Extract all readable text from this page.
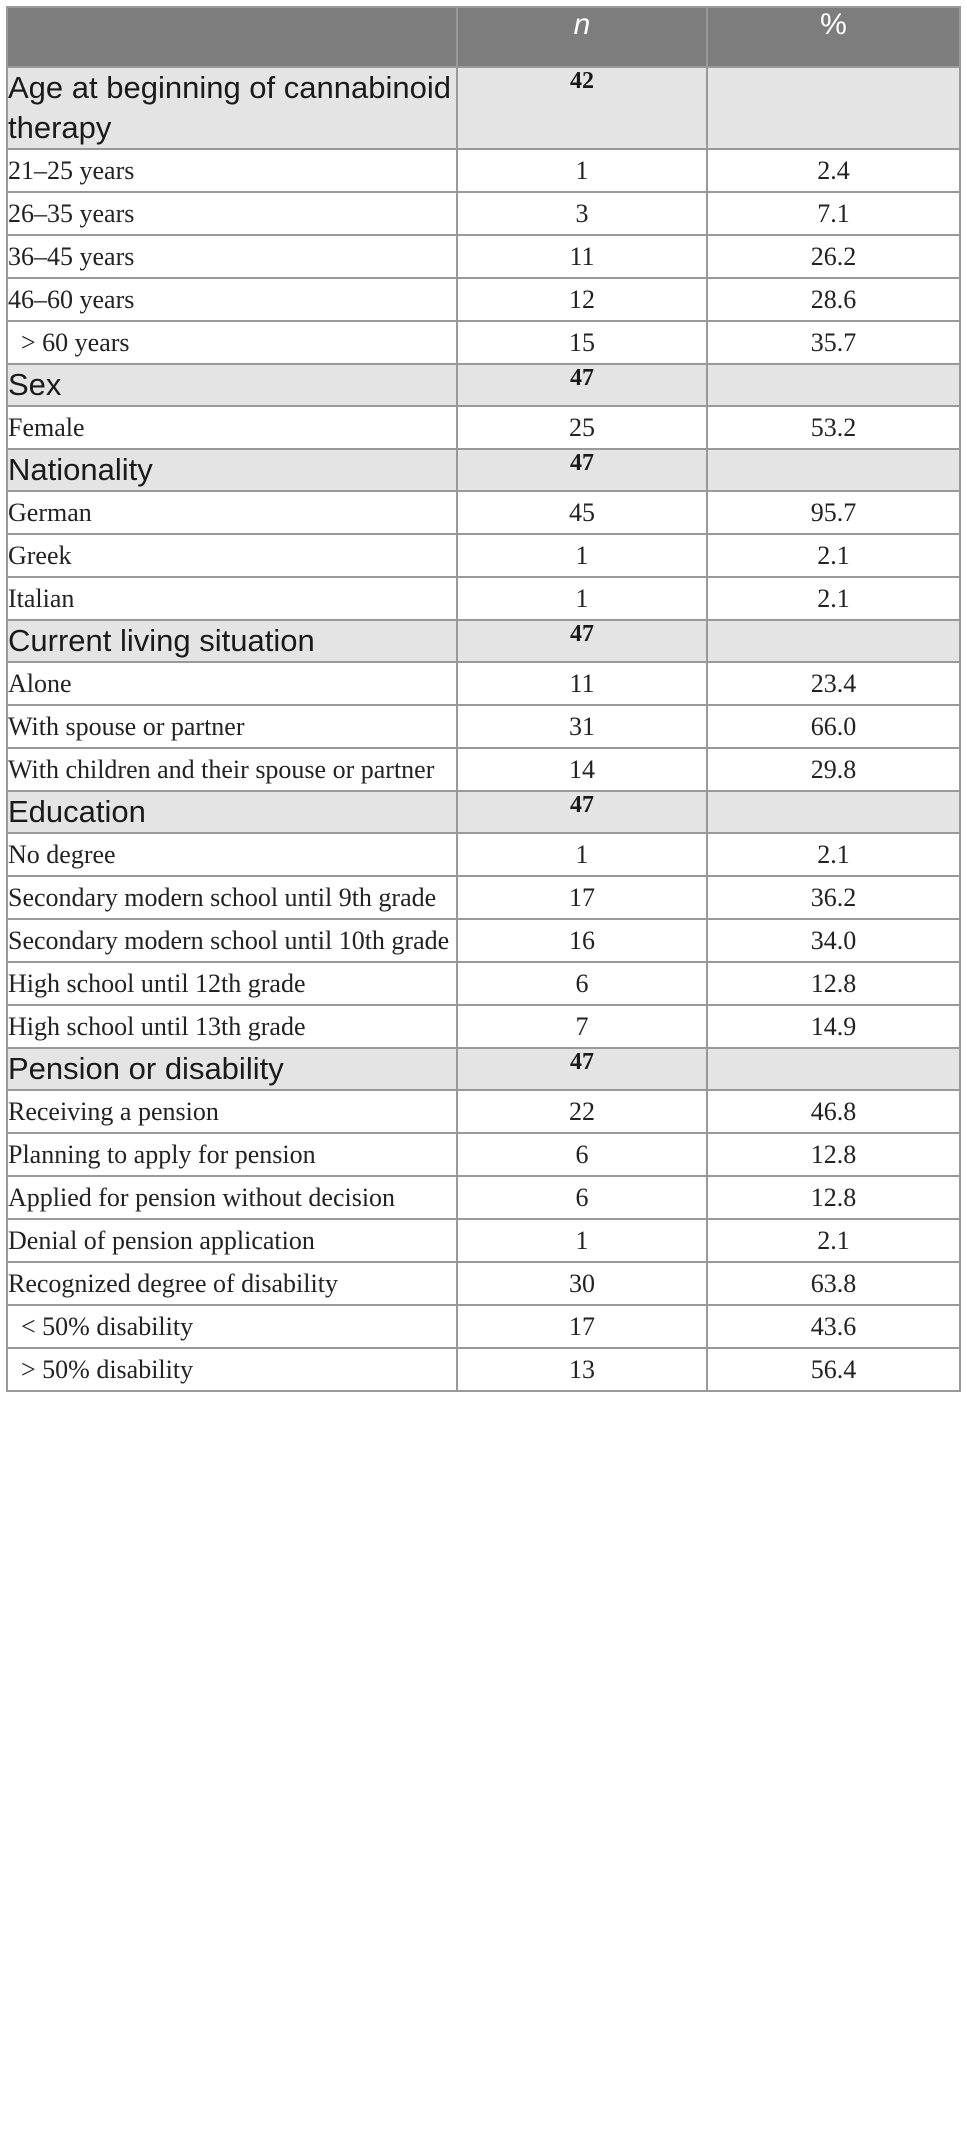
	n	%
Age at beginning of cannabinoid therapy	42	
21–25 years	1	2.4
26–35 years	3	7.1
36–45 years	11	26.2
46–60 years	12	28.6
 > 60 years	15	35.7
Sex	47	
Female	25	53.2
Nationality	47	
German	45	95.7
Greek	1	2.1
Italian	1	2.1
Current living situation	47	
Alone	11	23.4
With spouse or partner	31	66.0
With children and their spouse or partner	14	29.8
Education	47	
No degree	1	2.1
Secondary modern school until 9th grade	17	36.2
Secondary modern school until 10th grade	16	34.0
High school until 12th grade	6	12.8
High school until 13th grade	7	14.9
Pension or disability	47	
Receiving a pension	22	46.8
Planning to apply for pension	6	12.8
Applied for pension without decision	6	12.8
Denial of pension application	1	2.1
Recognized degree of disability	30	63.8
 < 50% disability	17	43.6
 > 50% disability	13	56.4
